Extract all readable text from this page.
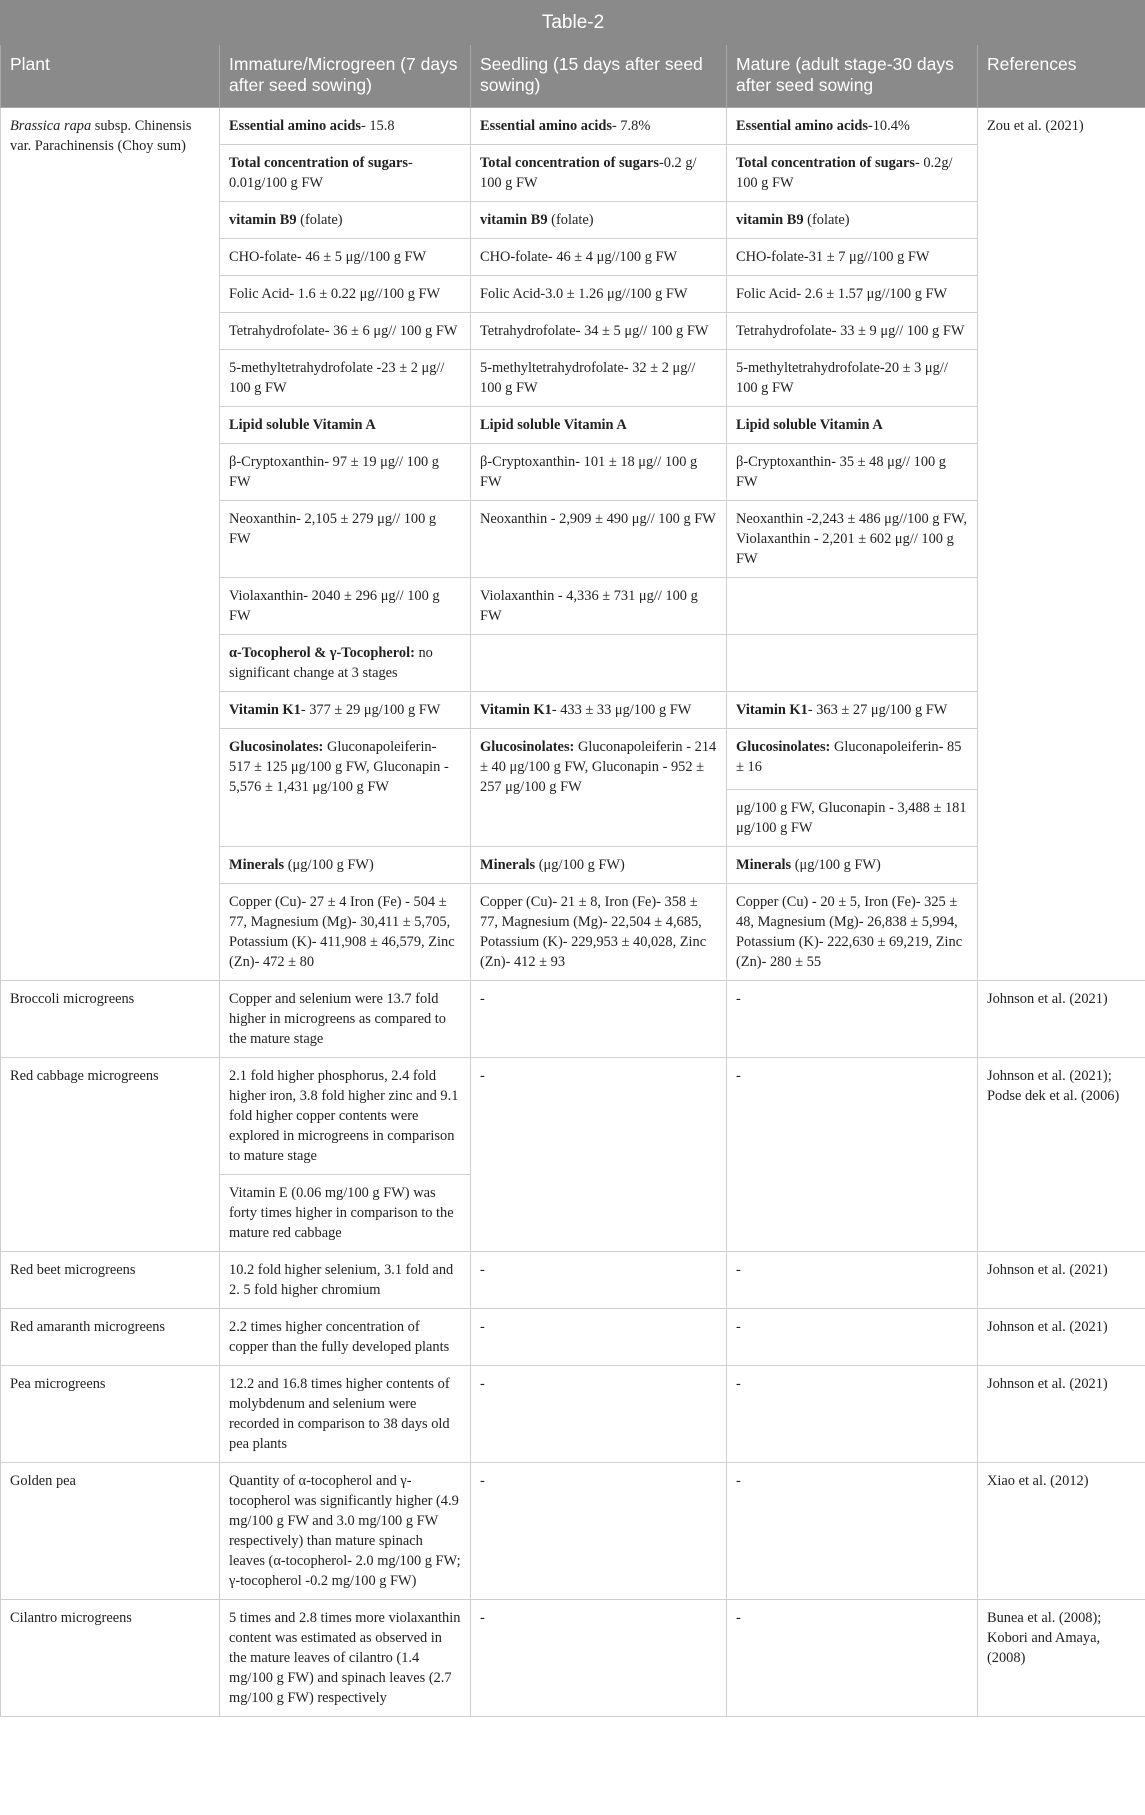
Table-2				
Plant	Immature/Microgreen (7 days after seed sowing)	Seedling (15 days after seed sowing)	Mature (adult stage-30 days after seed sowing	References
Brassica rapa subsp. Chinensis var. Parachinensis (Choy sum)	Essential amino acids- 15.8	Essential amino acids- 7.8%	Essential amino acids-10.4%	Zou et al. (2021)
	Total concentration of sugars- 0.01g/100 g FW	Total concentration of sugars-0.2 g/ 100 g FW	Total concentration of sugars- 0.2g/ 100 g FW	
	vitamin B9 (folate)	vitamin B9 (folate)	vitamin B9 (folate)	
	CHO-folate- 46 ± 5 μg//100 g FW	CHO-folate- 46 ± 4 μg//100 g FW	CHO-folate-31 ± 7 μg//100 g FW	
	Folic Acid- 1.6 ± 0.22 μg//100 g FW	Folic Acid-3.0 ± 1.26 μg//100 g FW	Folic Acid- 2.6 ± 1.57 μg//100 g FW	
	Tetrahydrofolate- 36 ± 6 μg// 100 g FW	Tetrahydrofolate- 34 ± 5 μg// 100 g FW	Tetrahydrofolate- 33 ± 9 μg// 100 g FW	
	5-methyltetrahydrofolate -23 ± 2 μg// 100 g FW	5-methyltetrahydrofolate- 32 ± 2 μg// 100 g FW	5-methyltetrahydrofolate-20 ± 3 μg// 100 g FW	
	Lipid soluble Vitamin A	Lipid soluble Vitamin A	Lipid soluble Vitamin A	
	β-Cryptoxanthin- 97 ± 19 μg// 100 g FW	β-Cryptoxanthin- 101 ± 18 μg// 100 g FW	β-Cryptoxanthin- 35 ± 48 μg// 100 g FW	
	Neoxanthin- 2,105 ± 279 μg// 100 g FW	Neoxanthin - 2,909 ± 490 μg// 100 g FW	Neoxanthin -2,243 ± 486 μg//100 g FW, Violaxanthin - 2,201 ± 602 μg// 100 g FW	
	Violaxanthin- 2040 ± 296 μg// 100 g FW	Violaxanthin - 4,336 ± 731 μg// 100 g FW		
	α-Tocopherol & γ-Tocopherol: no significant change at 3 stages			
	Vitamin K1- 377 ± 29 μg/100 g FW	Vitamin K1- 433 ± 33 μg/100 g FW	Vitamin K1- 363 ± 27 μg/100 g FW	
	Glucosinolates: Gluconapoleiferin- 517 ± 125 μg/100 g FW, Gluconapin - 5,576 ± 1,431 μg/100 g FW	Glucosinolates: Gluconapoleiferin - 214 ± 40 μg/100 g FW, Gluconapin - 952 ± 257 μg/100 g FW	Glucosinolates: Gluconapoleiferin- 85 ± 16	
			μg/100 g FW, Gluconapin - 3,488 ± 181 μg/100 g FW	
	Minerals (μg/100 g FW)	Minerals (μg/100 g FW)	Minerals (μg/100 g FW)	
	Copper (Cu)- 27 ± 4 Iron (Fe) - 504 ± 77, Magnesium (Mg)- 30,411 ± 5,705, Potassium (K)- 411,908 ± 46,579, Zinc (Zn)- 472 ± 80	Copper (Cu)- 21 ± 8, Iron (Fe)- 358 ± 77, Magnesium (Mg)- 22,504 ± 4,685, Potassium (K)- 229,953 ± 40,028, Zinc (Zn)- 412 ± 93	Copper (Cu) - 20 ± 5, Iron (Fe)- 325 ± 48, Magnesium (Mg)- 26,838 ± 5,994, Potassium (K)- 222,630 ± 69,219, Zinc (Zn)- 280 ± 55	
Broccoli microgreens	Copper and selenium were 13.7 fold higher in microgreens as compared to the mature stage	-	-	Johnson et al. (2021)
Red cabbage microgreens	2.1 fold higher phosphorus, 2.4 fold higher iron, 3.8 fold higher zinc and 9.1 fold higher copper contents were explored in microgreens in comparison to mature stage	-	-	Johnson et al. (2021); Podse dek et al. (2006)
	Vitamin E (0.06 mg/100 g FW) was forty times higher in comparison to the mature red cabbage			
Red beet microgreens	10.2 fold higher selenium, 3.1 fold and 2. 5 fold higher chromium	-	-	Johnson et al. (2021)
Red amaranth microgreens	2.2 times higher concentration of copper than the fully developed plants	-	-	Johnson et al. (2021)
Pea microgreens	12.2 and 16.8 times higher contents of molybdenum and selenium were recorded in comparison to 38 days old pea plants	-	-	Johnson et al. (2021)
Golden pea	Quantity of α-tocopherol and γ-tocopherol was significantly higher (4.9 mg/100 g FW and 3.0 mg/100 g FW respectively) than mature spinach leaves (α-tocopherol- 2.0 mg/100 g FW; γ-tocopherol -0.2 mg/100 g FW)	-	-	Xiao et al. (2012)
Cilantro microgreens	5 times and 2.8 times more violaxanthin content was estimated as observed in the mature leaves of cilantro (1.4 mg/100 g FW) and spinach leaves (2.7 mg/100 g FW) respectively	-	-	Bunea et al. (2008); Kobori and Amaya, (2008)
